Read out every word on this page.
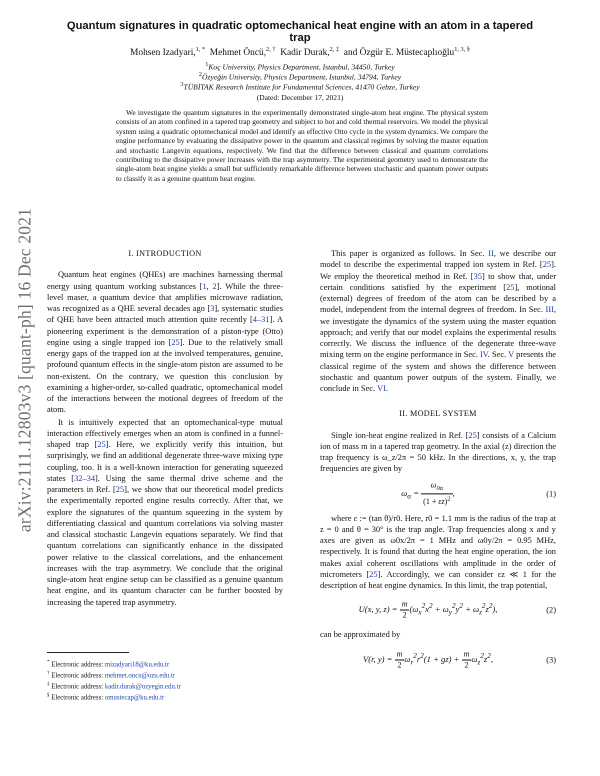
arXiv:2111.12803v3 [quant-ph] 16 Dec 2021
Quantum signatures in quadratic optomechanical heat engine with an atom in a tapered trap
Mohsen Izadyari,$^{1, *}$ Mehmet Öncü,$^{2, \dagger}$ Kadir Durak,$^{2, \ddagger}$ and Özgür E. Müstecaplıoğlu$^{1, 3, \S}$
$^1$Koç University, Physics Department, Istanbul, 34450, Turkey
$^2$Özyeğin University, Physics Department, Istanbul, 34794, Turkey
$^3$TÜBİTAK Research Institute for Fundamental Sciences, 41470 Gebze, Turkey
(Dated: December 17, 2021)

We investigate the quantum signatures in the experimentally demonstrated single-atom heat engine. The physical system consists of an atom confined in a tapered trap geometry and subject to hot and cold thermal reservoirs. We model the physical system using a quadratic optomechanical model and identify an effective Otto cycle in the system dynamics. We compare the engine performance by evaluating the dissipative power in the quantum and classical regimes by solving the master equation and stochastic Langevin equations, respectively. We find that the difference between classical and quantum correlations contributing to the dissipative power increases with the trap asymmetry. The experimental geometry used to demonstrate the single-atom heat engine yields a small but sufficiently remarkable difference between stochastic and quantum power outputs to classify it as a genuine quantum heat engine.

I. INTRODUCTION

Quantum heat engines (QHEs) are machines harnessing thermal energy using quantum working substances [1, 2]. While the three-level maser, a quantum device that amplifies microwave radiation, was recognized as a QHE several decades ago [3], systematic studies of QHE have been attracted much attention quite recently [4–31]. A pioneering experiment is the demonstration of a piston-type (Otto) engine using a single trapped ion [25]. Due to the relatively small energy gaps of the trapped ion at the involved temperatures, genuine, profound quantum effects in the single-atom piston are assumed to be non-existent. On the contrary, we question this conclusion by examining a higher-order, so-called quadratic, optomechanical model of the interactions between the motional degrees of freedom of the atom.

It is intuitively expected that an optomechanical-type mutual interaction effectively emerges when an atom is confined in a funnel-shaped trap [25]. Here, we explicitly verify this intuition, but surprisingly, we find an additional degenerate three-wave mixing type coupling, too. It is a well-known interaction for generating squeezed states [32–34]. Using the same thermal drive scheme and the parameters in Ref. [25], we show that our theoretical model predicts the experimentally reported engine results correctly. After that, we explore the signatures of the quantum squeezing in the system by differentiating classical and quantum correlations via solving master and classical stochastic Langevin equations separately. We find that quantum correlations can significantly enhance in the dissipated power relative to the classical correlations, and the enhancement increases with the trap asymmetry. We conclude that the original single-atom heat engine setup can be classified as a genuine quantum heat engine, and its quantum character can be further boosted by increasing the tapered trap asymmetry.

This paper is organized as follows. In Sec. II, we describe our model to describe the experimental trapped ion system in Ref. [25]. We employ the theoretical method in Ref. [35] to show that, under certain conditions satisfied by the experiment [25], motional (external) degrees of freedom of the atom can be described by a model, independent from the internal degrees of freedom. In Sec. III, we investigate the dynamics of the system using the master equation approach; and verify that our model explains the experimental results correctly. We discuss the influence of the degenerate three-wave mixing term on the engine performance in Sec. IV. Sec. V presents the classical regime of the system and shows the difference between stochastic and quantum power outputs of the system. Finally, we conclude in Sec. VI.

II. MODEL SYSTEM

Single ion-heat engine realized in Ref. [25] consists of a Calcium ion of mass m in a tapered trap geometry. In the axial (z) direction the trap frequency is ω_z/2π = 50 kHz. In the directions, x, y, the trap frequencies are given by

$\omega_\alpha = \frac{\omega_{0\alpha}}{(1 + \varepsilon z)^2}$ ,	(1)

where ε := (tan θ)/r0. Here, r0 = 1.1 mm is the radius of the trap at z = 0 and θ = 30° is the trap angle. Trap frequencies along x and y axes are given as ω0x/2π = 1 MHz and ω0y/2π = 0.95 MHz, respectively. It is found that during the heat engine operation, the ion makes axial coherent oscillations with amplitude in the order of micrometers [25]. Accordingly, we can consider εz ≪ 1 for the description of heat engine dynamics. In this limit, the trap potential,

U(x, y, $z) = \frac{m}{2} (\omega_x^2x^2 + \omega_y^2y^2 + \omega_z^2z^2)$,	(2)

can be approximated by

V(r, $y) = \frac{m}{2} \omega_r^2r^2(1 + gz) + \frac{m}{2} \omega_z^2z^2$,	(3)
* Electronic address: mizadyari18@ku.edu.tr
† Electronic address: mehmet.oncu@ozu.edu.tr
‡ Electronic address: kadir.durak@ozyegin.edu.tr
§ Electronic address: omustecap@ku.edu.tr
